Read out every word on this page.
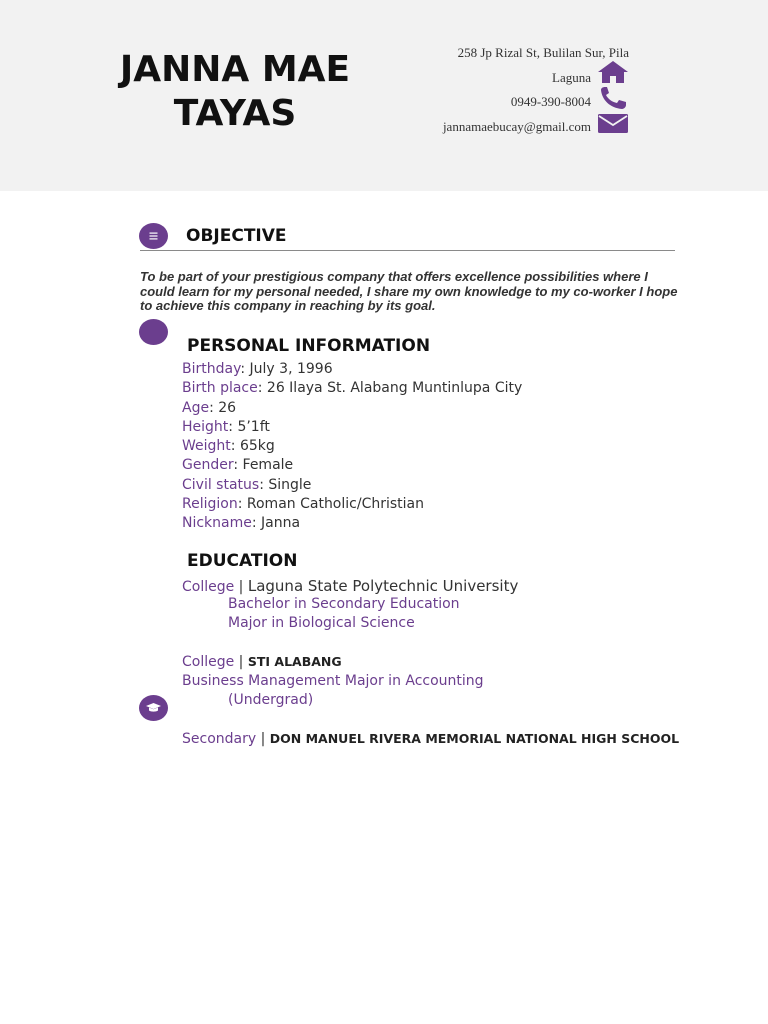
JANNA MAE
TAYAS
258 Jp Rizal St, Bulilan Sur, Pila
Laguna
0949-390-8004
jannamaebucay@gmail.com
OBJECTIVE
To be part of your prestigious company that offers excellence possibilities where I could learn for my personal needed, I share my own knowledge to my co-worker I hope to achieve this company in reaching by its goal.
PERSONAL INFORMATION
Birthday: July 3, 1996
Birth place: 26 Ilaya St. Alabang Muntinlupa City
Age: 26
Height: 5’1ft
Weight: 65kg
Gender: Female
Civil status: Single
Religion: Roman Catholic/Christian
Nickname: Janna
EDUCATION
College | Laguna State Polytechnic University
Bachelor in Secondary Education
Major in Biological Science
College | STI ALABANG
Business Management Major in Accounting
(Undergrad)
Secondary | DON MANUEL RIVERA MEMORIAL NATIONAL HIGH SCHOOL
